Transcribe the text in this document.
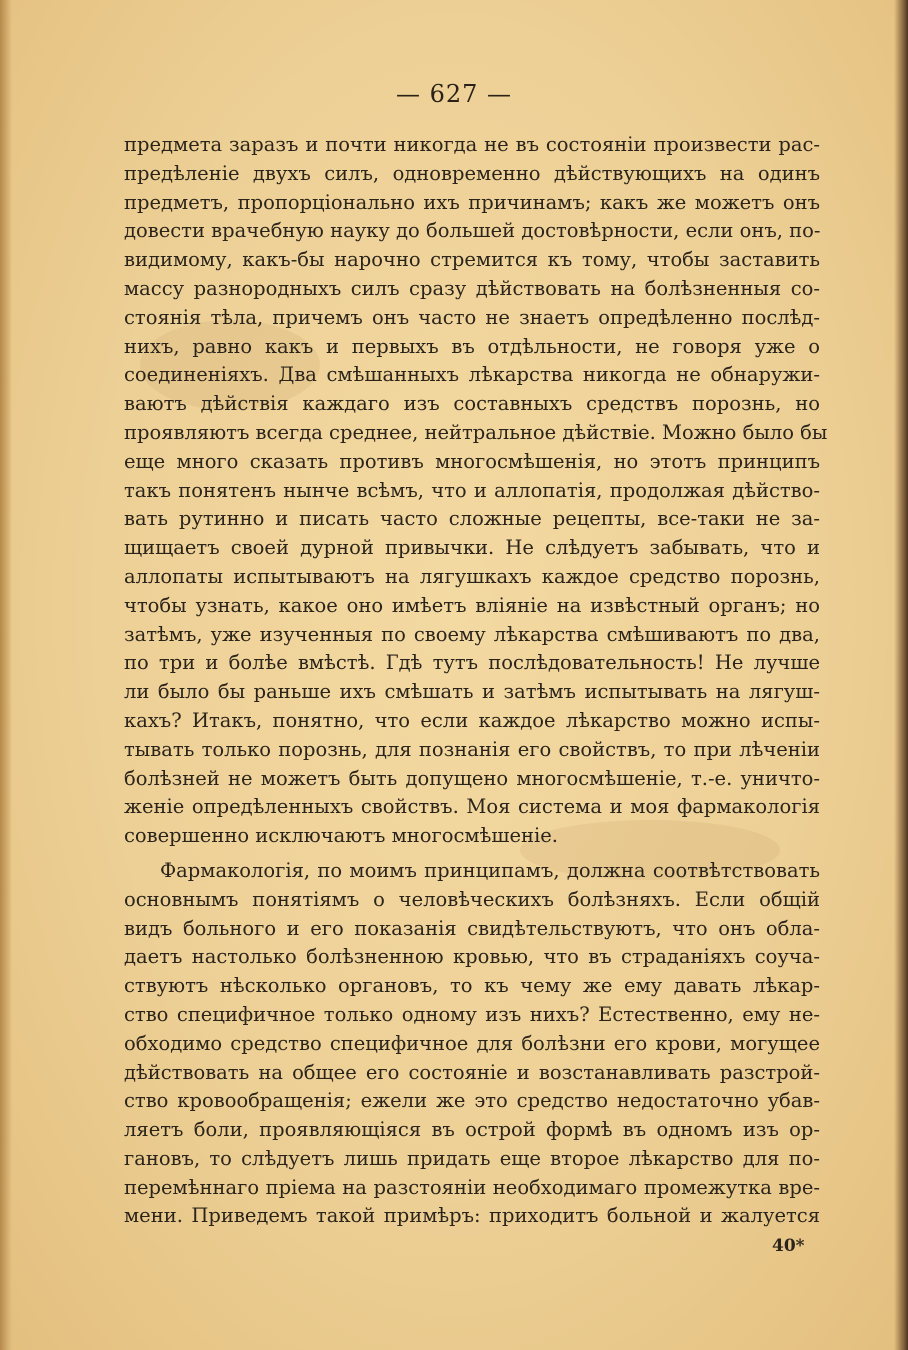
— 627 —
предмета заразъ и почти никогда не въ состояніи произвести рас-
предѣленіе двухъ силъ, одновременно дѣйствующихъ на одинъ
предметъ, пропорціонально ихъ причинамъ; какъ же можетъ онъ
довести врачебную науку до большей достовѣрности, если онъ, по-
видимому, какъ-бы нарочно стремится къ тому, чтобы заставить
массу разнородныхъ силъ сразу дѣйствовать на болѣзненныя со-
стоянія тѣла, причемъ онъ часто не знаетъ опредѣленно послѣд-
нихъ, равно какъ и первыхъ въ отдѣльности, не говоря уже о
соединеніяхъ. Два смѣшанныхъ лѣкарства никогда не обнаружи-
ваютъ дѣйствія каждаго изъ составныхъ средствъ порознь, но
проявляютъ всегда среднее, нейтральное дѣйствіе. Можно было бы
еще много сказать противъ многосмѣшенія, но этотъ принципъ
такъ понятенъ нынче всѣмъ, что и аллопатія, продолжая дѣйство-
вать рутинно и писать часто сложные рецепты, все-таки не за-
щищаетъ своей дурной привычки. Не слѣдуетъ забывать, что и
аллопаты испытываютъ на лягушкахъ каждое средство порознь,
чтобы узнать, какое оно имѣетъ вліяніе на извѣстный органъ; но
затѣмъ, уже изученныя по своему лѣкарства смѣшиваютъ по два,
по три и болѣе вмѣстѣ. Гдѣ тутъ послѣдовательность! Не лучше
ли было бы раньше ихъ смѣшать и затѣмъ испытывать на лягуш-
кахъ? Итакъ, понятно, что если каждое лѣкарство можно испы-
тывать только порознь, для познанія его свойствъ, то при лѣченіи
болѣзней не можетъ быть допущено многосмѣшеніе, т.-е. уничто-
женіе опредѣленныхъ свойствъ. Моя система и моя фармакологія
совершенно исключаютъ многосмѣшеніе.
Фармакологія, по моимъ принципамъ, должна соотвѣтствовать
основнымъ понятіямъ о человѣческихъ болѣзняхъ. Если общій
видъ больного и его показанія свидѣтельствуютъ, что онъ обла-
даетъ настолько болѣзненною кровью, что въ страданіяхъ соуча-
ствуютъ нѣсколько органовъ, то къ чему же ему давать лѣкар-
ство специфичное только одному изъ нихъ? Естественно, ему не-
обходимо средство специфичное для болѣзни его крови, могущее
дѣйствовать на общее его состояніе и возстанавливать разстрой-
ство кровообращенія; ежели же это средство недостаточно убав-
ляетъ боли, проявляющіяся въ острой формѣ въ одномъ изъ ор-
гановъ, то слѣдуетъ лишь придать еще второе лѣкарство для по-
перемѣннаго пріема на разстояніи необходимаго промежутка вре-
мени. Приведемъ такой примѣръ: приходитъ больной и жалуется
40*
